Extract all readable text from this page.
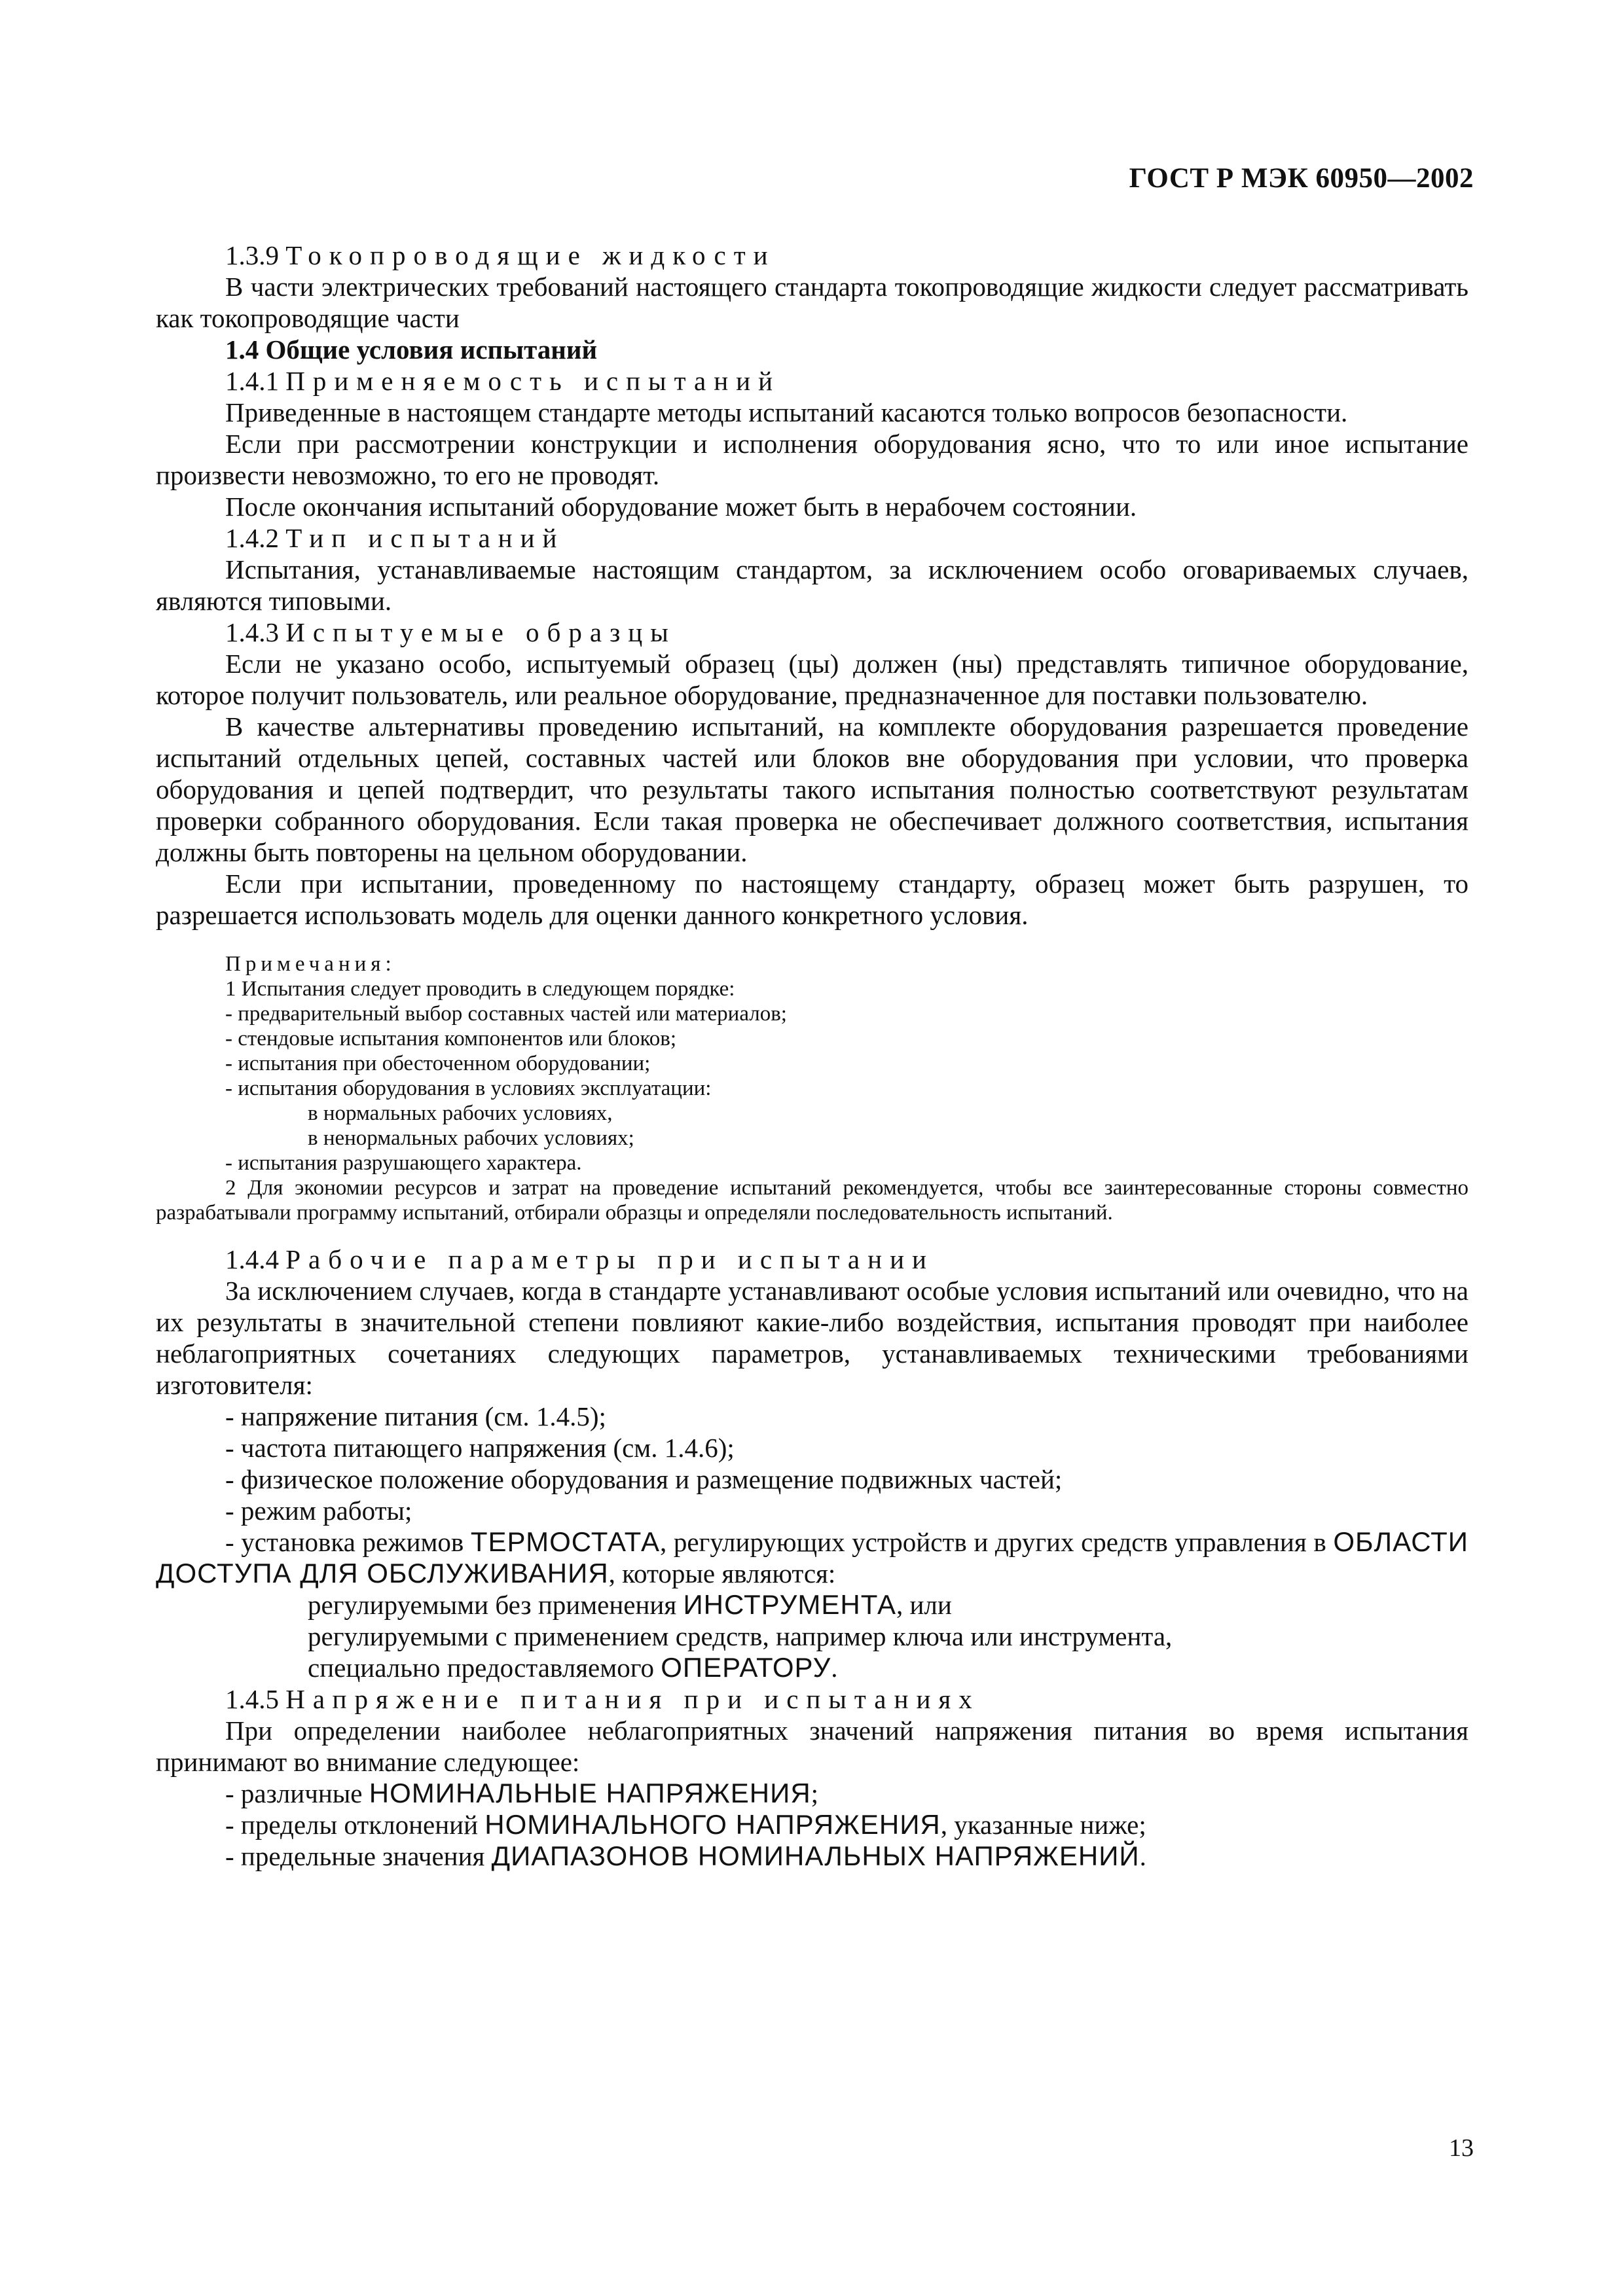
ГОСТ Р МЭК 60950—2002

1.3.9 Токопроводящие жидкости

В части электрических требований настоящего стандарта токопроводящие жидкости следует рассматривать как токопроводящие части

1.4 Общие условия испытаний

1.4.1 Применяемость испытаний

Приведенные в настоящем стандарте методы испытаний касаются только вопросов безопасности.

Если при рассмотрении конструкции и исполнения оборудования ясно, что то или иное испытание произвести невозможно, то его не проводят.

После окончания испытаний оборудование может быть в нерабочем состоянии.

1.4.2 Тип испытаний

Испытания, устанавливаемые настоящим стандартом, за исключением особо оговариваемых случаев, являются типовыми.

1.4.3 Испытуемые образцы

Если не указано особо, испытуемый образец (цы) должен (ны) представлять типичное оборудование, которое получит пользователь, или реальное оборудование, предназначенное для поставки пользователю.

В качестве альтернативы проведению испытаний, на комплекте оборудования разрешается проведение испытаний отдельных цепей, составных частей или блоков вне оборудования при условии, что проверка оборудования и цепей подтвердит, что результаты такого испытания полностью соответствуют результатам проверки собранного оборудования. Если такая проверка не обеспечивает должного соответствия, испытания должны быть повторены на цельном оборудовании.

Если при испытании, проведенному по настоящему стандарту, образец может быть разрушен, то разрешается использовать модель для оценки данного конкретного условия.

Примечания:

1 Испытания следует проводить в следующем порядке:

- предварительный выбор составных частей или материалов;

- стендовые испытания компонентов или блоков;

- испытания при обесточенном оборудовании;

- испытания оборудования в условиях эксплуатации:

в нормальных рабочих условиях,

в ненормальных рабочих условиях;

- испытания разрушающего характера.

2 Для экономии ресурсов и затрат на проведение испытаний рекомендуется, чтобы все заинтересованные стороны совместно разрабатывали программу испытаний, отбирали образцы и определяли последовательность испытаний.

1.4.4 Рабочие параметры при испытании

За исключением случаев, когда в стандарте устанавливают особые условия испытаний или очевидно, что на их результаты в значительной степени повлияют какие-либо воздействия, испытания проводят при наиболее неблагоприятных сочетаниях следующих параметров, устанавливаемых техническими требованиями изготовителя:

- напряжение питания (см. 1.4.5);

- частота питающего напряжения (см. 1.4.6);

- физическое положение оборудования и размещение подвижных частей;

- режим работы;

- установка режимов ТЕРМОСТАТА, регулирующих устройств и других средств управления в ОБЛАСТИ ДОСТУПА ДЛЯ ОБСЛУЖИВАНИЯ, которые являются:

регулируемыми без применения ИНСТРУМЕНТА, или

регулируемыми с применением средств, например ключа или инструмента,

специально предоставляемого ОПЕРАТОРУ.

1.4.5 Напряжение питания при испытаниях

При определении наиболее неблагоприятных значений напряжения питания во время испытания принимают во внимание следующее:

- различные НОМИНАЛЬНЫЕ НАПРЯЖЕНИЯ;

- пределы отклонений НОМИНАЛЬНОГО НАПРЯЖЕНИЯ, указанные ниже;

- предельные значения ДИАПАЗОНОВ НОМИНАЛЬНЫХ НАПРЯЖЕНИЙ.

13
